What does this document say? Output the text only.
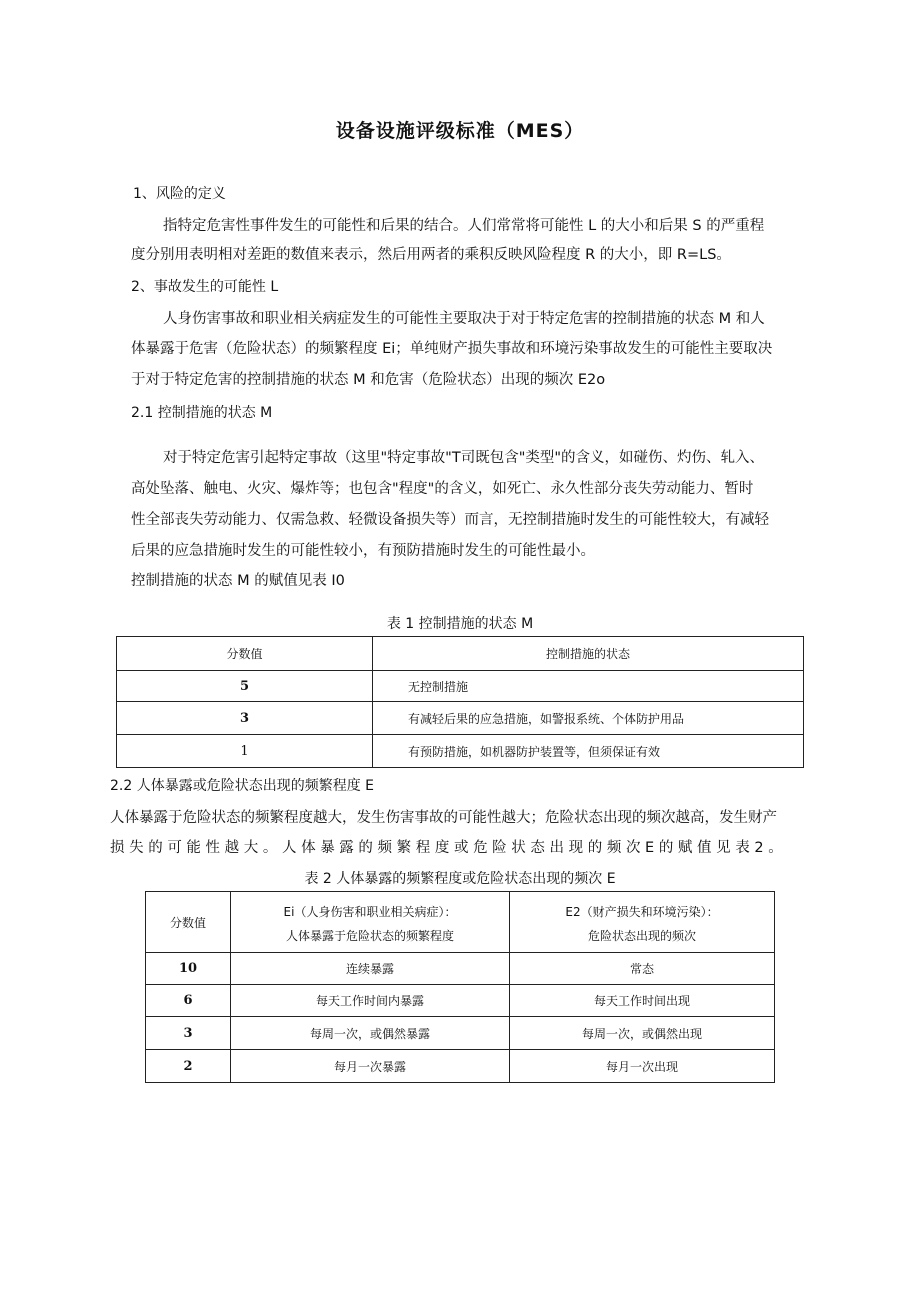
设备设施评级标准（MES）
1、风险的定义
指特定危害性事件发生的可能性和后果的结合。人们常常将可能性 L 的大小和后果 S 的严重程
度分别用表明相对差距的数值来表示，然后用两者的乘积反映风险程度 R 的大小，即 R=LS。
2、事故发生的可能性 L
人身伤害事故和职业相关病症发生的可能性主要取决于对于特定危害的控制措施的状态 M 和人
体暴露于危害（危险状态）的频繁程度 Ei；单纯财产损失事故和环境污染事故发生的可能性主要取决
于对于特定危害的控制措施的状态 M 和危害（危险状态）出现的频次 E2o
2.1 控制措施的状态 M
对于特定危害引起特定事故（这里"特定事故"T司既包含"类型"的含义，如碰伤、灼伤、轧入、
高处坠落、触电、火灾、爆炸等；也包含"程度"的含义，如死亡、永久性部分丧失劳动能力、暂时
性全部丧失劳动能力、仅需急救、轻微设备损失等）而言，无控制措施时发生的可能性较大，有减轻
后果的应急措施时发生的可能性较小，有预防措施时发生的可能性最小。
控制措施的状态 M 的赋值见表 I0
表 1 控制措施的状态 M
分数值	控制措施的状态
5	无控制措施
3	有减轻后果的应急措施，如警报系统、个体防护用品
1	有预防措施，如机器防护装置等，但须保证有效
2.2 人体暴露或危险状态出现的频繁程度 E
人体暴露于危险状态的频繁程度越大，发生伤害事故的可能性越大；危险状态出现的频次越高，发生财产
损 失 的 可 能 性 越 大 。 人 体 暴 露 的 频 繁 程 度 或 危 险 状 态 出 现 的 频 次 E 的 赋 值 见 表 2 。
表 2 人体暴露的频繁程度或危险状态出现的频次 E
分数值	Ei（人身伤害和职业相关病症）：	E2（财产损失和环境污染）：
	人体暴露于危险状态的频繁程度	危险状态出现的频次
10	连续暴露	常态
6	每天工作时间内暴露	每天工作时间出现
3	每周一次，或偶然暴露	每周一次，或偶然出现
2	每月一次暴露	每月一次出现
